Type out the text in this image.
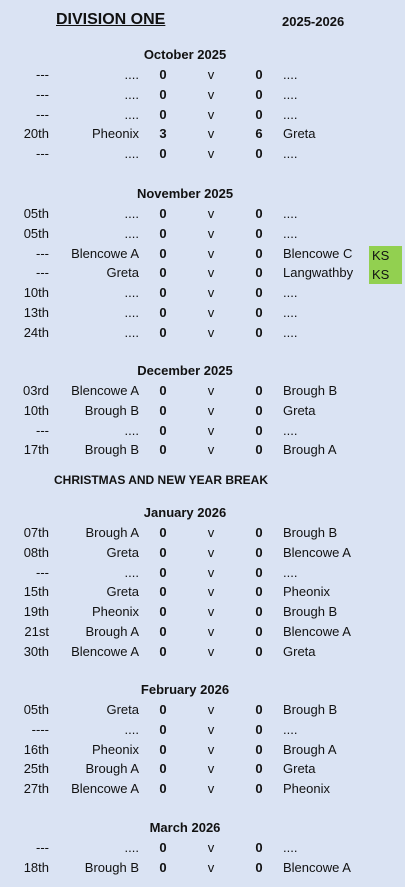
DIVISION ONE	2025-2026
CHRISTMAS AND NEW YEAR BREAK
October 2025
---	.... 0	v	0 ....
---	.... 0	v	0 ....
---	.... 0	v	0 ....
20th	Pheonix 3	v	6 Greta
---	.... 0	v	0 ....
November 2025
05th	.... 0	v	0 ....
05th	.... 0	v	0 ....
--- Blencowe A 0	v	0 Blencowe C KS
---	Greta 0	v	0 Langwathby KS
10th	.... 0	v	0 ....
13th	.... 0	v	0 ....
24th	.... 0	v	0 ....
December 2025
03rd Blencowe A 0	v	0 Brough B
10th	Brough B 0	v	0 Greta
---	.... 0	v	0 ....
17th	Brough B 0	v	0 Brough A
January 2026
07th	Brough A 0	v	0 Brough B
08th	Greta 0	v	0 Blencowe A
---	.... 0	v	0 ....
15th	Greta 0	v	0 Pheonix
19th	Pheonix 0	v	0 Brough B
21st	Brough A 0	v	0 Blencowe A
30th Blencowe A 0	v	0 Greta
February 2026
05th	Greta 0	v	0 Brough B
----	.... 0	v	0 ....
16th	Pheonix 0	v	0 Brough A
25th	Brough A 0	v	0 Greta
27th Blencowe A 0	v	0 Pheonix
March 2026
---	.... 0	v	0 ....
18th	Brough B 0	v	0 Blencowe A
